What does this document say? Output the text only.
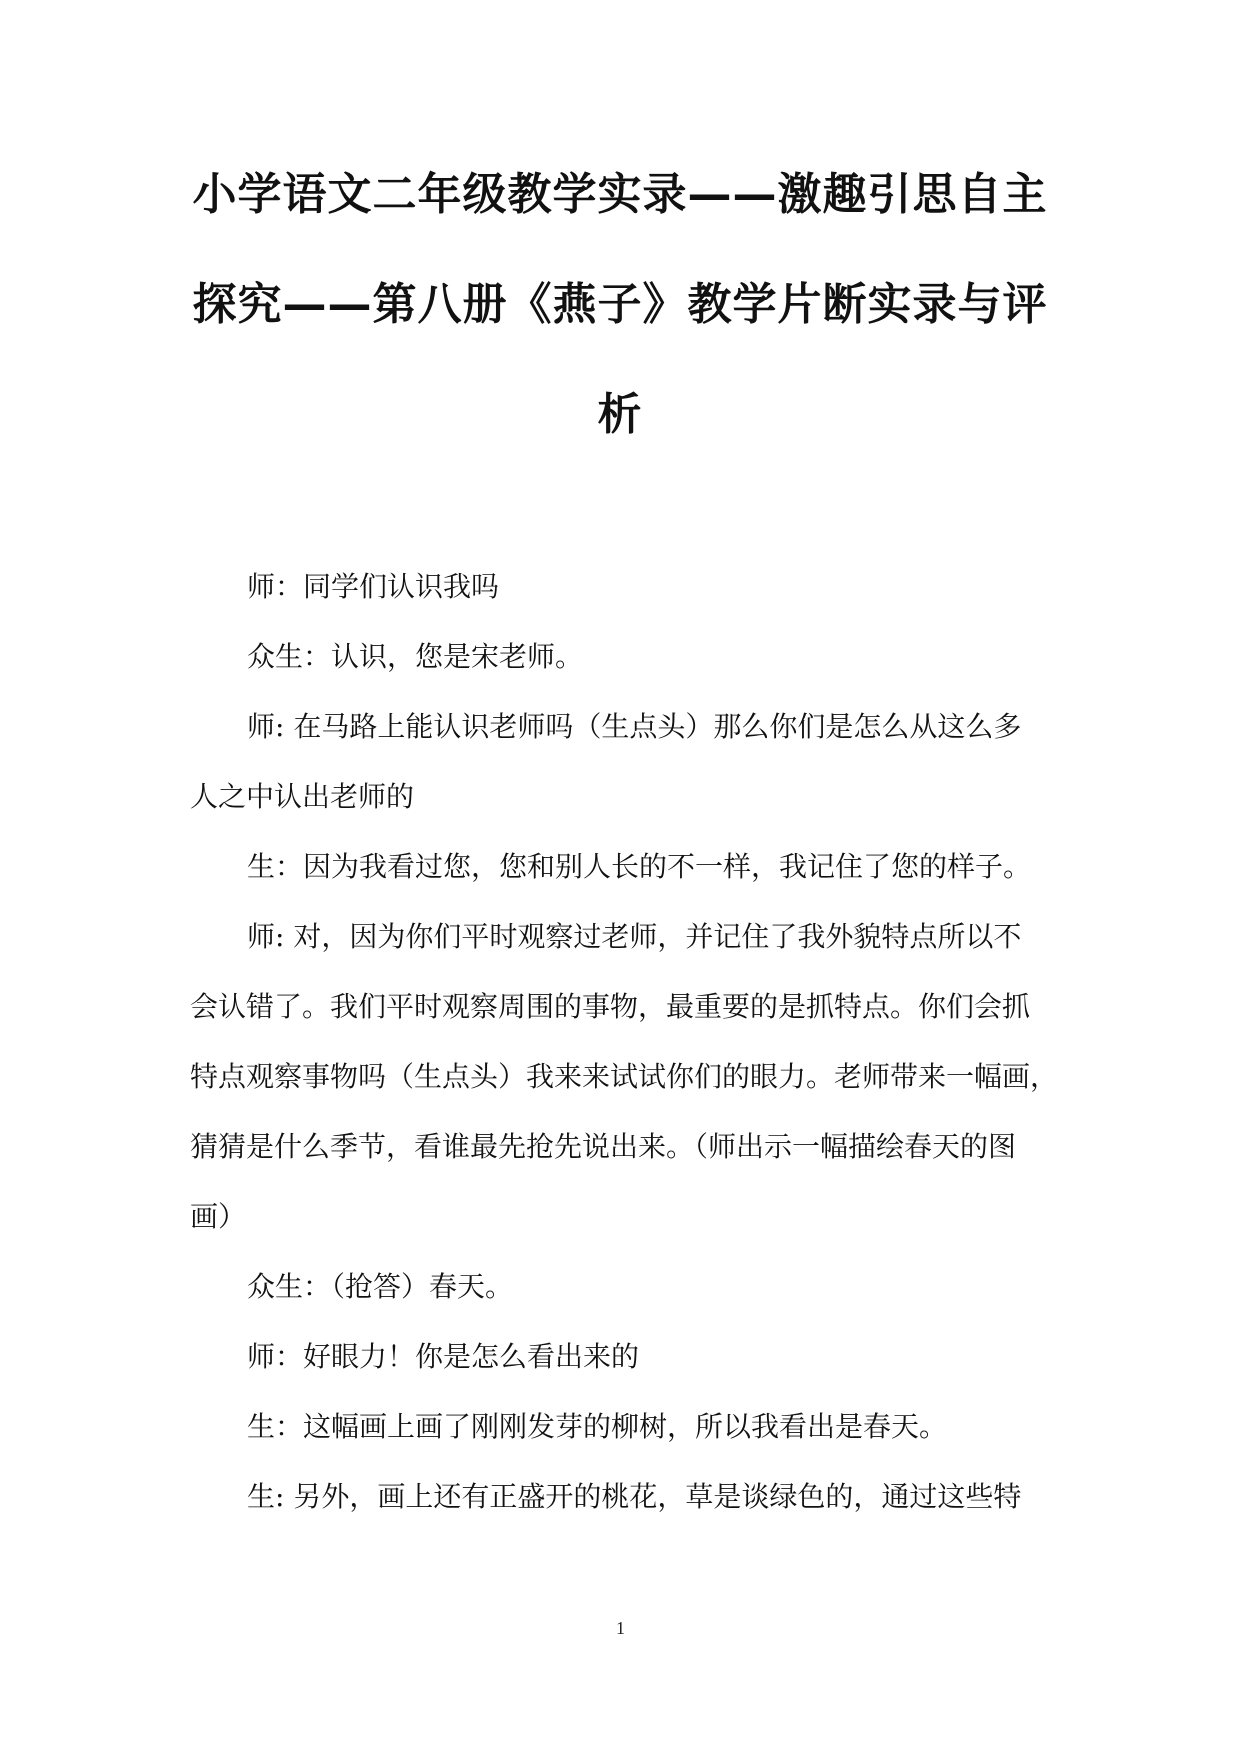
小学语文二年级教学实录——激趣引思自主
探究——第八册《燕子》教学片断实录与评
析
师：同学们认识我吗
众生：认识，您是宋老师。
师: 在马路上能认识老师吗（生点头）那么你们是怎么从这么多
人之中认出老师的
生：因为我看过您，您和别人长的不一样，我记住了您的样子。
师: 对，因为你们平时观察过老师，并记住了我外貌特点所以不
会认错了。我们平时观察周围的事物，最重要的是抓特点。你们会抓
特点观察事物吗（生点头）我来来试试你们的眼力。老师带来一幅画，
猜猜是什么季节，看谁最先抢先说出来。（师出示一幅描绘春天的图
画）
众生：（抢答）春天。
师：好眼力！你是怎么看出来的
生：这幅画上画了刚刚发芽的柳树，所以我看出是春天。
生: 另外，画上还有正盛开的桃花，草是谈绿色的，通过这些特
1
